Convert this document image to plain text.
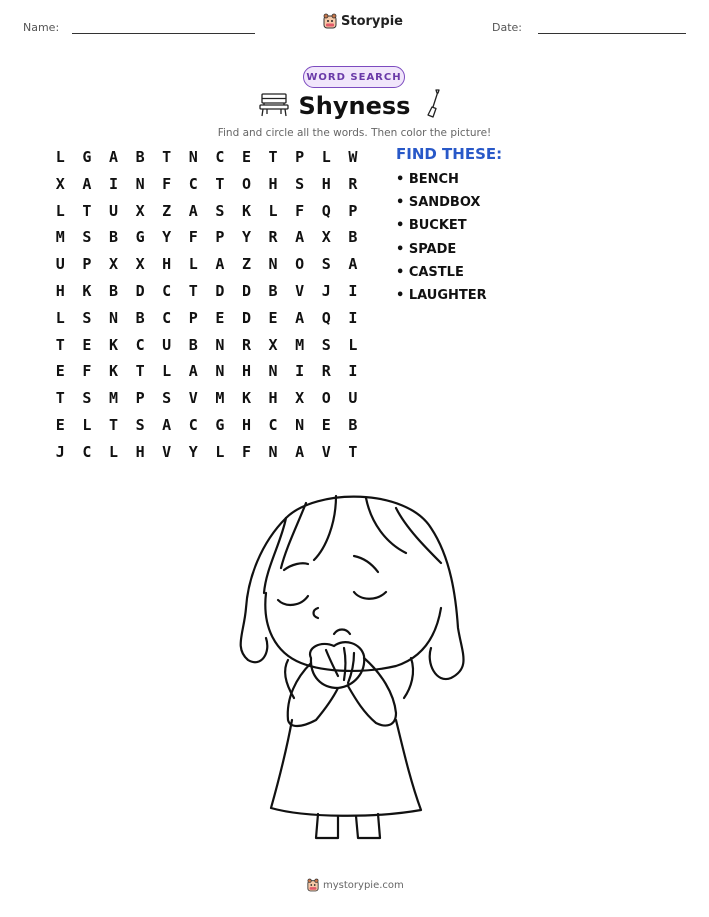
Name:	Storypie	Date:
WORD SEARCH
Shyness
Find and circle all the words. Then color the picture!
L	G	A	B	T	N	C	E	T	P	L	W
X	A	I	N	F	C	T	O	H	S	H	R
L	T	U	X	Z	A	S	K	L	F	Q	P
M	S	B	G	Y	F	P	Y	R	A	X	B
U	P	X	X	H	L	A	Z	N	O	S	A
H	K	B	D	C	T	D	D	B	V	J	I
L	S	N	B	C	P	E	D	E	A	Q	I
T	E	K	C	U	B	N	R	X	M	S	L
E	F	K	T	L	A	N	H	N	I	R	I
T	S	M	P	S	V	M	K	H	X	O	U
E	L	T	S	A	C	G	H	C	N	E	B
J	C	L	H	V	Y	L	F	N	A	V	T
FIND THESE:
• BENCH
• SANDBOX
• BUCKET
• SPADE
• CASTLE
• LAUGHTER
mystorypie.com
